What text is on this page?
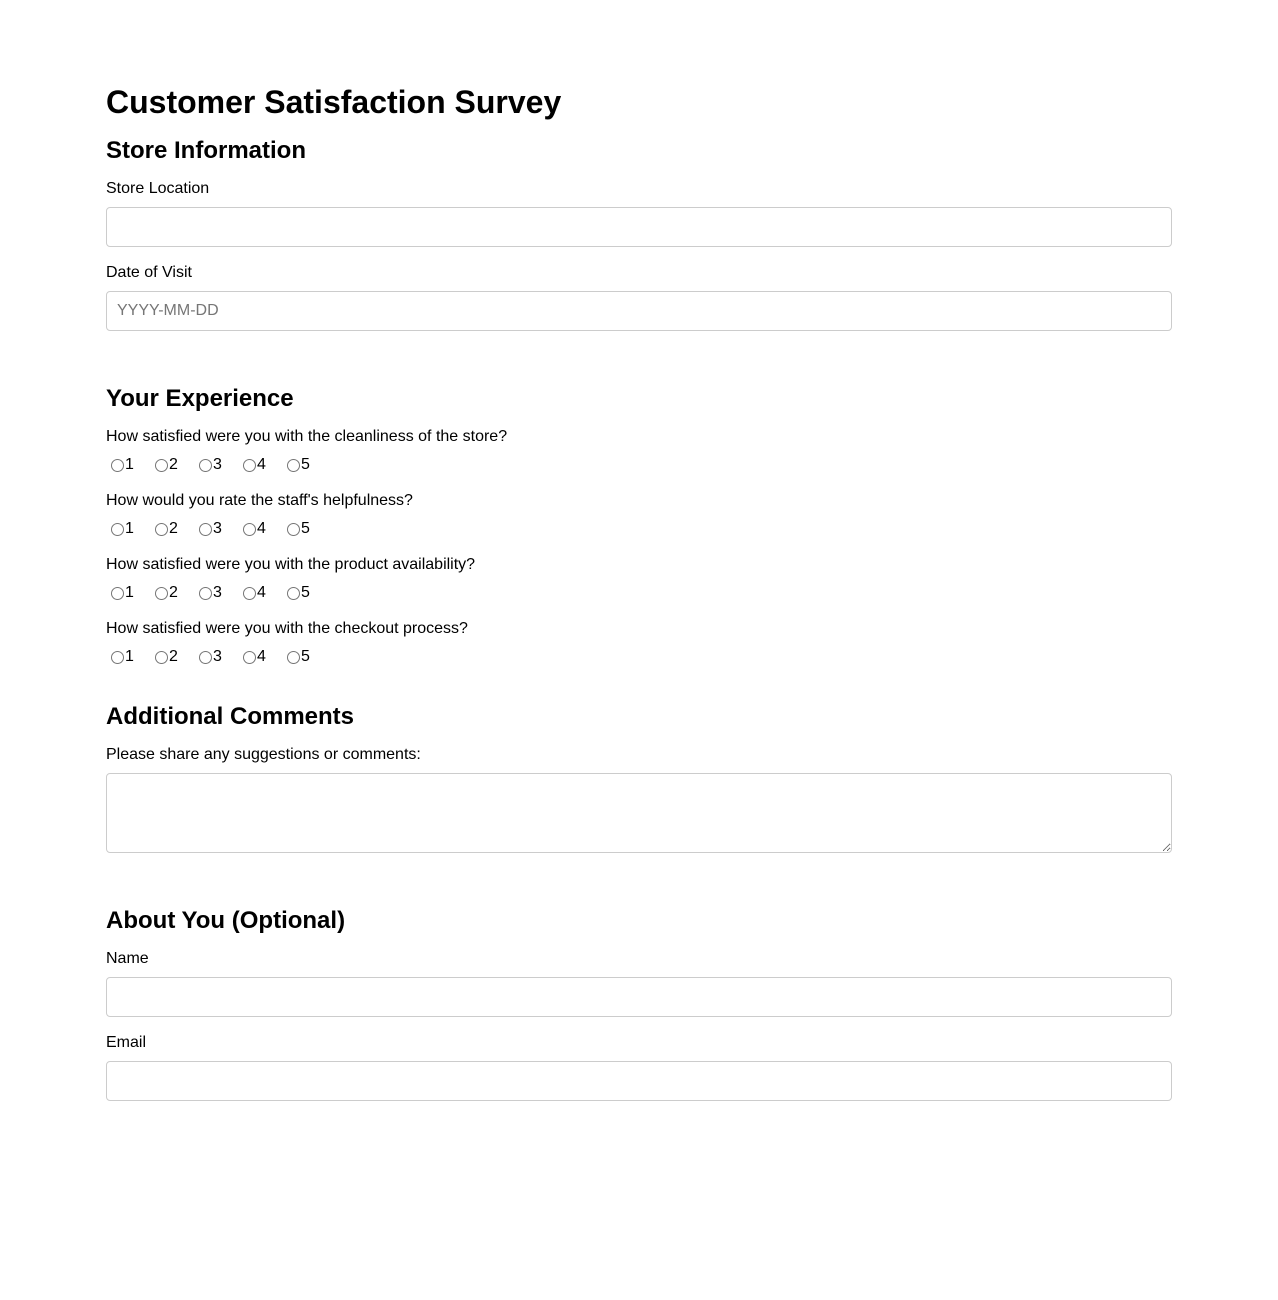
Customer Satisfaction Survey
Store Information
Store Location
Date of Visit
YYYY-MM-DD
Your Experience
How satisfied were you with the cleanliness of the store?
1 2 3 4 5
How would you rate the staff's helpfulness?
1 2 3 4 5
How satisfied were you with the product availability?
1 2 3 4 5
How satisfied were you with the checkout process?
1 2 3 4 5
Additional Comments
Please share any suggestions or comments:
About You (Optional)
Name
Email
